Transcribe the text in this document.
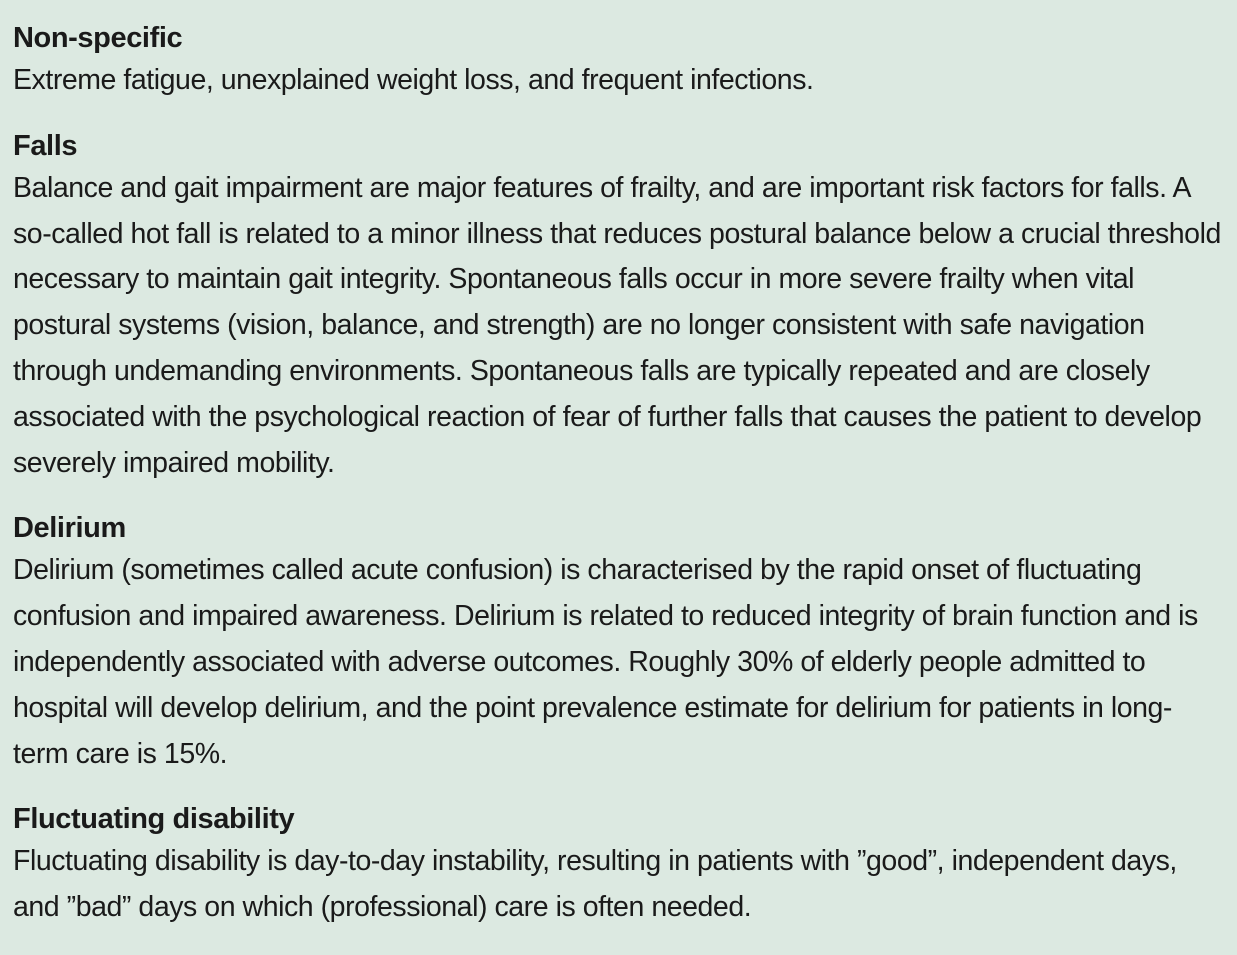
Non-specific

Extreme fatigue, unexplained weight loss, and frequent infections.

Falls

Balance and gait impairment are major features of frailty, and are important risk factors for falls. A so-called hot fall is related to a minor illness that reduces postural balance below a crucial threshold necessary to maintain gait integrity. Spontaneous falls occur in more severe frailty when vital postural systems (vision, balance, and strength) are no longer consistent with safe navigation through undemanding environments. Spontaneous falls are typically repeated and are closely associated with the psychological reaction of fear of further falls that causes the patient to develop severely impaired mobility.

Delirium

Delirium (sometimes called acute confusion) is characterised by the rapid onset of fluctuating confusion and impaired awareness. Delirium is related to reduced integrity of brain function and is independently associated with adverse outcomes. Roughly 30% of elderly people admitted to hospital will develop delirium, and the point prevalence estimate for delirium for patients in long-term care is 15%.

Fluctuating disability

Fluctuating disability is day-to-day instability, resulting in patients with ”good”, independent days, and ”bad” days on which (professional) care is often needed.
